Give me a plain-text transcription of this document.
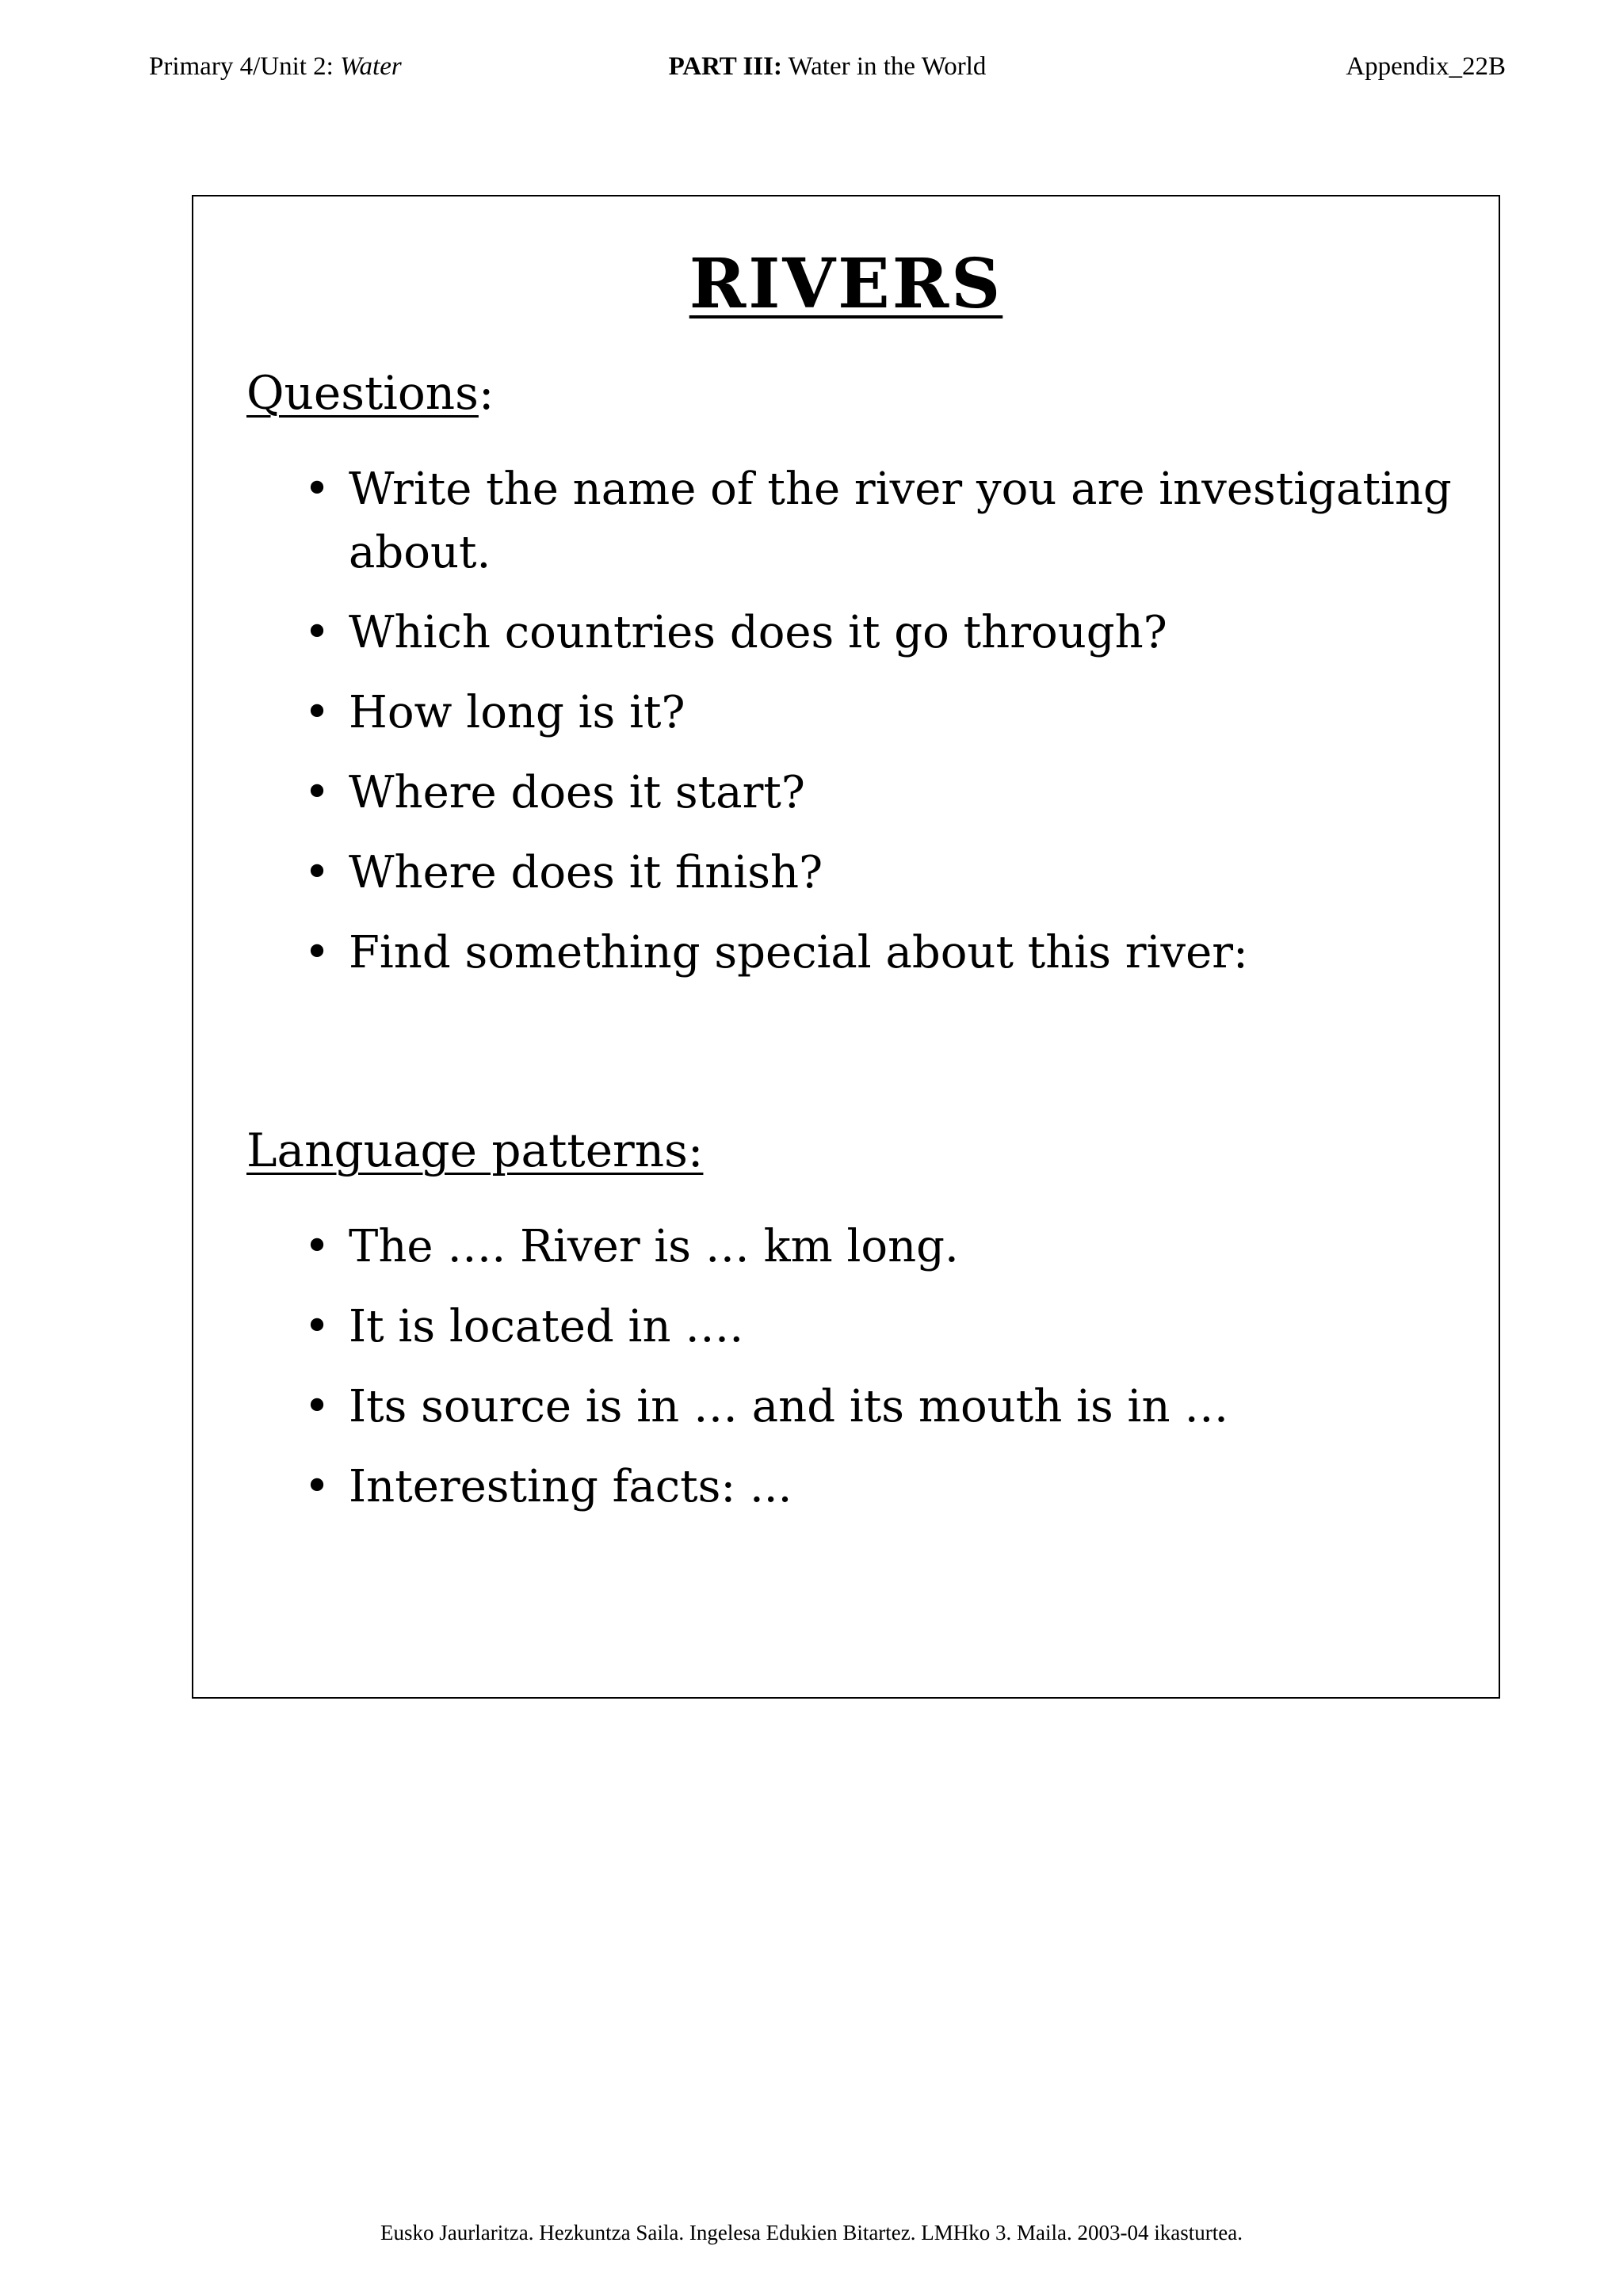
Primary 4/Unit 2: Water	PART III: Water in the World	Appendix_22B
RIVERS
Questions:
• Write the name of the river you are investigating about.
• Which countries does it go through?
• How long is it?
• Where does it start?
• Where does it finish?
• Find something special about this river:
Language patterns:
• The …. River is … km long.
• It is located in ….
• Its source is in … and its mouth is in …
• Interesting facts: ...
Eusko Jaurlaritza. Hezkuntza Saila. Ingelesa Edukien Bitartez. LMHko 3. Maila. 2003-04 ikasturtea.
